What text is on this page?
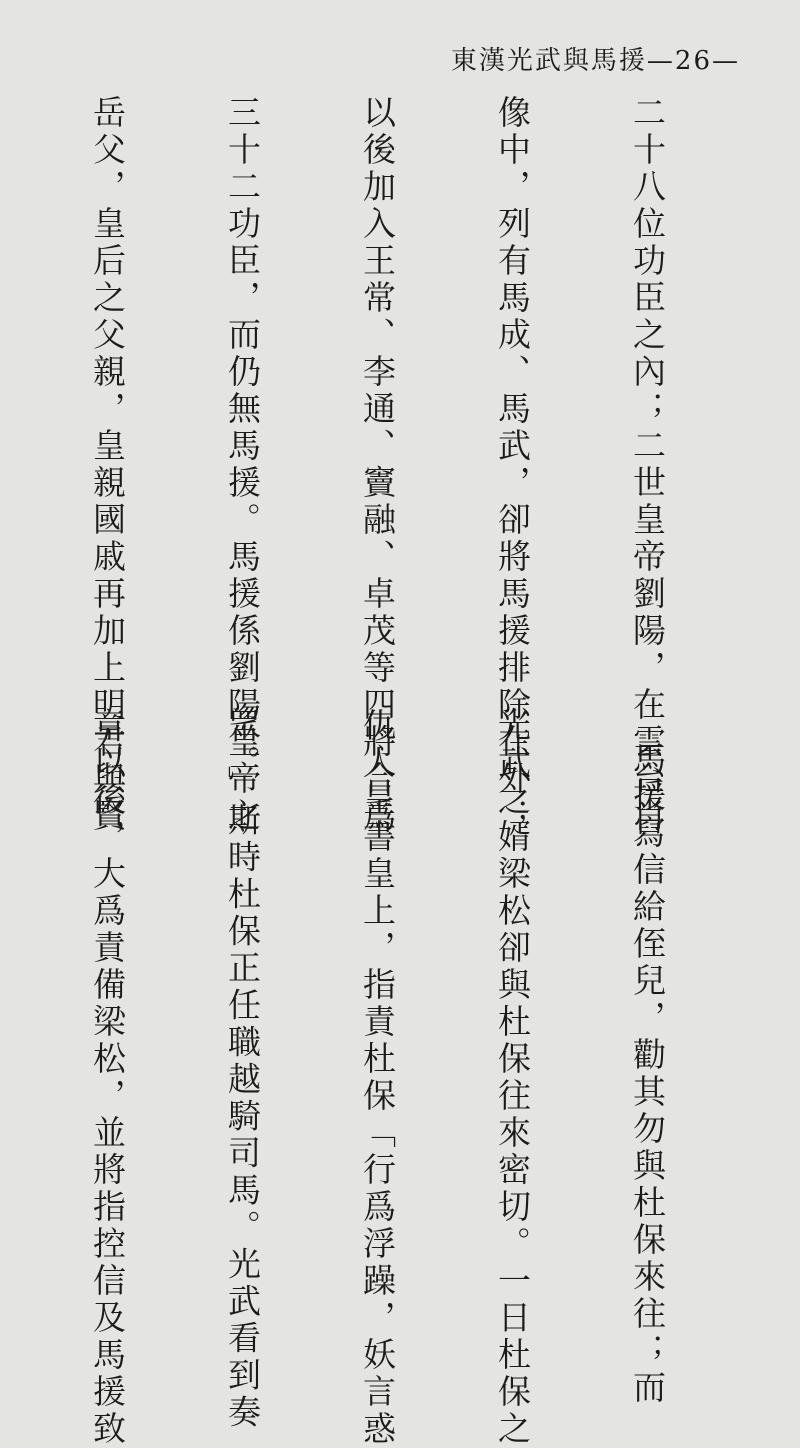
東漢光武與馬援—26—

二十八位功臣之內；二世皇帝劉陽，在雲台肖

像中，列有馬成、馬武，卻將馬援排除在外；

以後加入王常、李通、竇融、卓茂等四將合爲

三十二功臣，而仍無馬援。馬援係劉陽皇帝之

岳父，皇后之父親，皇親國戚再加上明君與賢

馬援寫信給侄兒，勸其勿與杜保來往；而

光武之婿梁松卻與杜保往來密切。一日杜保之

仇人呈書皇上，指責杜保「行爲浮躁，妖言惑

眾。」斯時杜保正任職越騎司馬。光武看到奏

章以後，大爲責備梁松，並將指控信及馬援致
